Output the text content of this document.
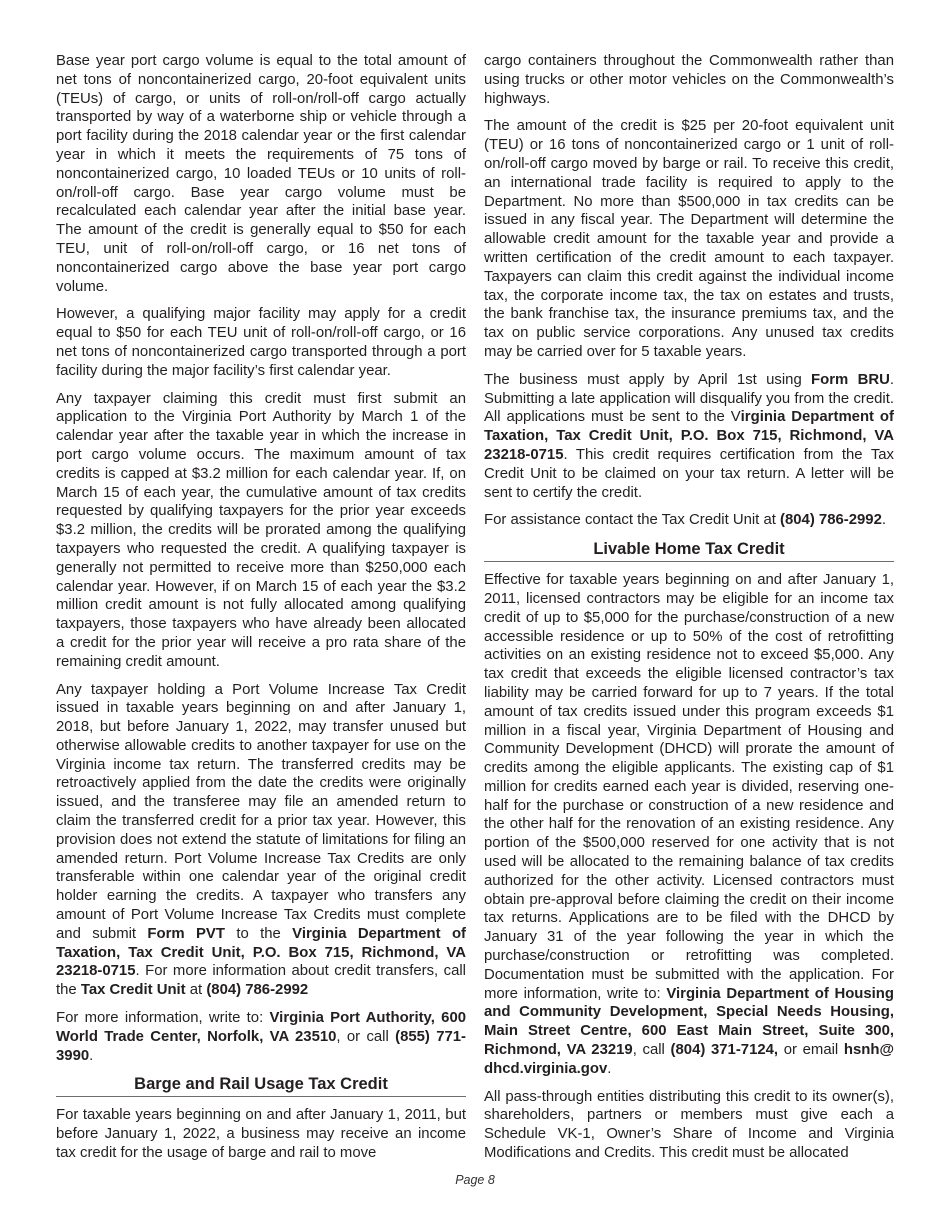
Base year port cargo volume is equal to the total amount of net tons of noncontainerized cargo, 20-foot equivalent units (TEUs) of cargo, or units of roll-on/roll-off cargo actually transported by way of a waterborne ship or vehicle through a port facility during the 2018 calendar year or the first calendar year in which it meets the requirements of 75 tons of noncontainerized cargo, 10 loaded TEUs or 10 units of roll-on/roll-off cargo. Base year cargo volume must be recalculated each calendar year after the initial base year. The amount of the credit is generally equal to $50 for each TEU, unit of roll-on/roll-off cargo, or 16 net tons of noncontainerized cargo above the base year port cargo volume.

However, a qualifying major facility may apply for a credit equal to $50 for each TEU unit of roll-on/roll-off cargo, or 16 net tons of noncontainerized cargo transported through a port facility during the major facility’s first calendar year.

Any taxpayer claiming this credit must first submit an application to the Virginia Port Authority by March 1 of the calendar year after the taxable year in which the increase in port cargo volume occurs. The maximum amount of tax credits is capped at $3.2 million for each calendar year. If, on March 15 of each year, the cumulative amount of tax credits requested by qualifying taxpayers for the prior year exceeds $3.2 million, the credits will be prorated among the qualifying taxpayers who requested the credit. A qualifying taxpayer is generally not permitted to receive more than $250,000 each calendar year. However, if on March 15 of each year the $3.2 million credit amount is not fully allocated among qualifying taxpayers, those taxpayers who have already been allocated a credit for the prior year will receive a pro rata share of the remaining credit amount.

Any taxpayer holding a Port Volume Increase Tax Credit issued in taxable years beginning on and after January 1, 2018, but before January 1, 2022, may transfer unused but otherwise allowable credits to another taxpayer for use on the Virginia income tax return. The transferred credits may be retroactively applied from the date the credits were originally issued, and the transferee may file an amended return to claim the transferred credit for a prior tax year. However, this provision does not extend the statute of limitations for filing an amended return. Port Volume Increase Tax Credits are only transferable within one calendar year of the original credit holder earning the credits. A taxpayer who transfers any amount of Port Volume Increase Tax Credits must complete and submit Form PVT to the Virginia Department of Taxation, Tax Credit Unit, P.O. Box 715, Richmond, VA 23218-0715. For more information about credit transfers, call the Tax Credit Unit at (804) 786-2992

For more information, write to: Virginia Port Authority, 600 World Trade Center, Norfolk, VA 23510, or call (855) 771-3990.

Barge and Rail Usage Tax Credit

For taxable years beginning on and after January 1, 2011, but before January 1, 2022, a business may receive an income tax credit for the usage of barge and rail to move

cargo containers throughout the Commonwealth rather than using trucks or other motor vehicles on the Commonwealth’s highways.

The amount of the credit is $25 per 20-foot equivalent unit (TEU) or 16 tons of noncontainerized cargo or 1 unit of roll-on/roll-off cargo moved by barge or rail. To receive this credit, an international trade facility is required to apply to the Department. No more than $500,000 in tax credits can be issued in any fiscal year. The Department will determine the allowable credit amount for the taxable year and provide a written certification of the credit amount to each taxpayer. Taxpayers can claim this credit against the individual income tax, the corporate income tax, the tax on estates and trusts, the bank franchise tax, the insurance premiums tax, and the tax on public service corporations. Any unused tax credits may be carried over for 5 taxable years.

The business must apply by April 1st using Form BRU. Submitting a late application will disqualify you from the credit. All applications must be sent to the Virginia Department of Taxation, Tax Credit Unit, P.O. Box 715, Richmond, VA 23218-0715. This credit requires certification from the Tax Credit Unit to be claimed on your tax return. A letter will be sent to certify the credit.

For assistance contact the Tax Credit Unit at (804) 786-2992.

Livable Home Tax Credit

Effective for taxable years beginning on and after January 1, 2011, licensed contractors may be eligible for an income tax credit of up to $5,000 for the purchase/construction of a new accessible residence or up to 50% of the cost of retrofitting activities on an existing residence not to exceed $5,000. Any tax credit that exceeds the eligible licensed contractor’s tax liability may be carried forward for up to 7 years. If the total amount of tax credits issued under this program exceeds $1 million in a fiscal year, Virginia Department of Housing and Community Development (DHCD) will prorate the amount of credits among the eligible applicants. The existing cap of $1 million for credits earned each year is divided, reserving one-half for the purchase or construction of a new residence and the other half for the renovation of an existing residence. Any portion of the $500,000 reserved for one activity that is not used will be allocated to the remaining balance of tax credits authorized for the other activity. Licensed contractors must obtain pre-approval before claiming the credit on their income tax returns. Applications are to be filed with the DHCD by January 31 of the year following the year in which the purchase/construction or retrofitting was completed. Documentation must be submitted with the application. For more information, write to: Virginia Department of Housing and Community Development, Special Needs Housing, Main Street Centre, 600 East Main Street, Suite 300, Richmond, VA 23219, call (804) 371-7124, or email hsnh@ dhcd.virginia.gov.

All pass-through entities distributing this credit to its owner(s), shareholders, partners or members must give each a Schedule VK-1, Owner’s Share of Income and Virginia Modifications and Credits. This credit must be allocated

Page 8
